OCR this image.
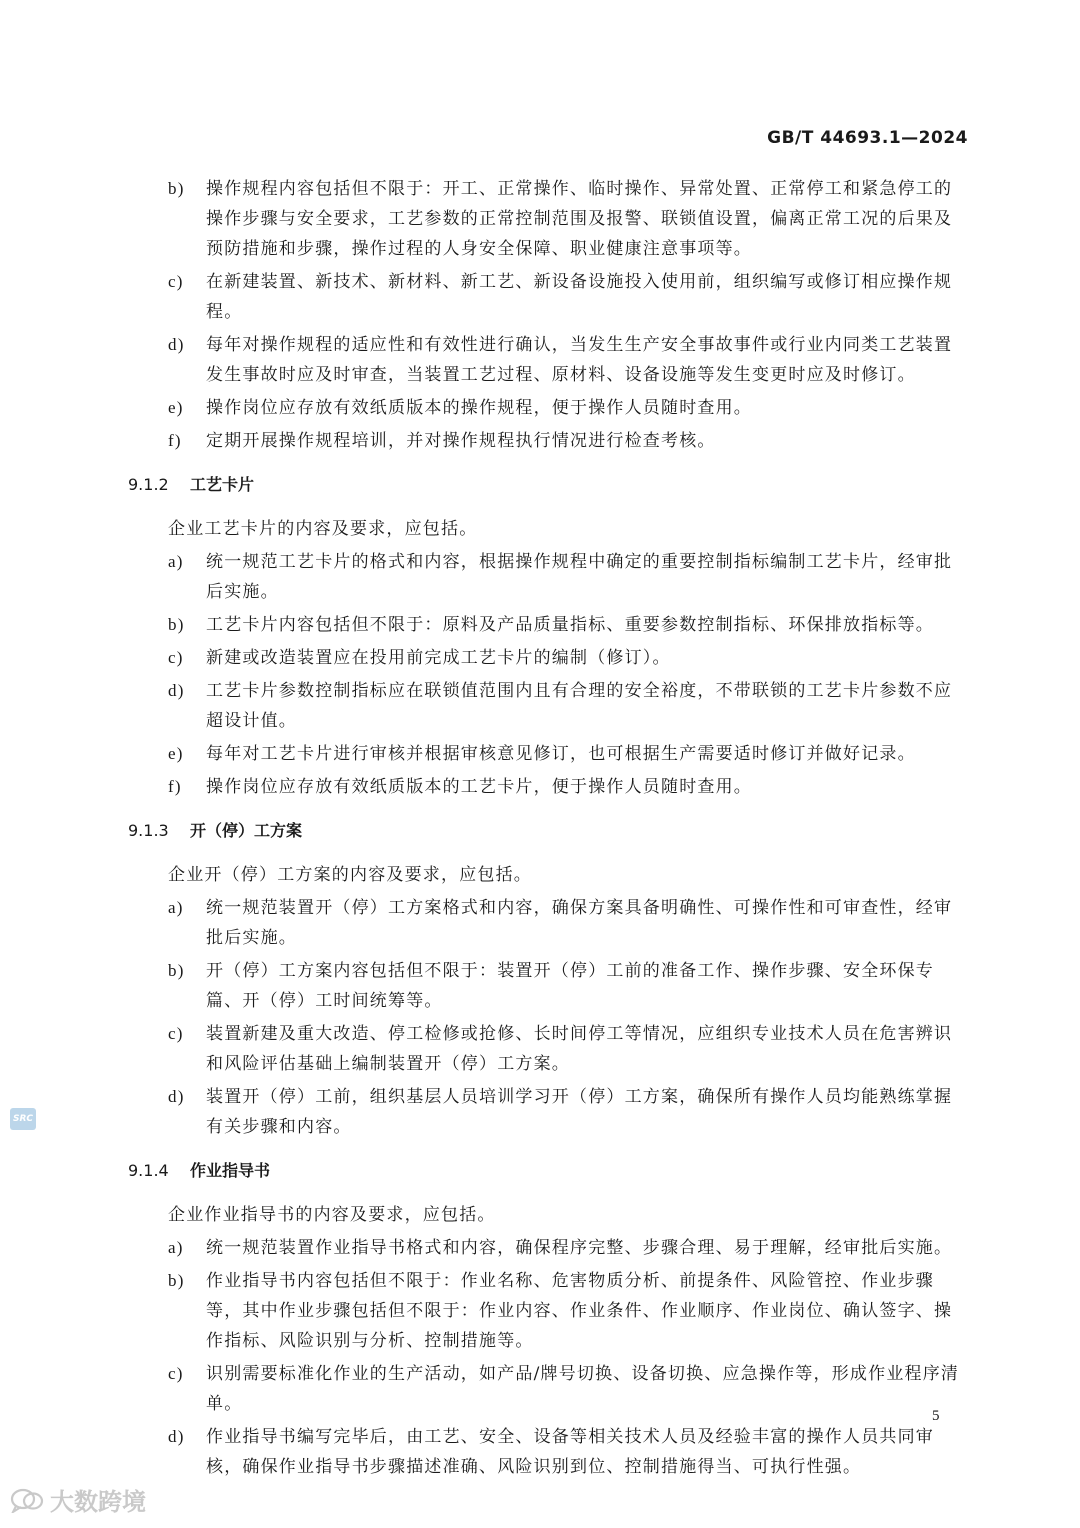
GB/T 44693.1—2024
b) 操作规程内容包括但不限于：开工、正常操作、临时操作、异常处置、正常停工和紧急停工的操作步骤与安全要求，工艺参数的正常控制范围及报警、联锁值设置，偏离正常工况的后果及预防措施和步骤，操作过程的人身安全保障、职业健康注意事项等。
c) 在新建装置、新技术、新材料、新工艺、新设备设施投入使用前，组织编写或修订相应操作规程。
d) 每年对操作规程的适应性和有效性进行确认，当发生生产安全事故事件或行业内同类工艺装置发生事故时应及时审查，当装置工艺过程、原材料、设备设施等发生变更时应及时修订。
e) 操作岗位应存放有效纸质版本的操作规程，便于操作人员随时查用。
f) 定期开展操作规程培训，并对操作规程执行情况进行检查考核。
9.1.2 工艺卡片
企业工艺卡片的内容及要求，应包括。
a) 统一规范工艺卡片的格式和内容，根据操作规程中确定的重要控制指标编制工艺卡片，经审批后实施。
b) 工艺卡片内容包括但不限于：原料及产品质量指标、重要参数控制指标、环保排放指标等。
c) 新建或改造装置应在投用前完成工艺卡片的编制（修订）。
d) 工艺卡片参数控制指标应在联锁值范围内且有合理的安全裕度，不带联锁的工艺卡片参数不应超设计值。
e) 每年对工艺卡片进行审核并根据审核意见修订，也可根据生产需要适时修订并做好记录。
f) 操作岗位应存放有效纸质版本的工艺卡片，便于操作人员随时查用。
9.1.3 开（停）工方案
企业开（停）工方案的内容及要求，应包括。
a) 统一规范装置开（停）工方案格式和内容，确保方案具备明确性、可操作性和可审查性，经审批后实施。
b) 开（停）工方案内容包括但不限于：装置开（停）工前的准备工作、操作步骤、安全环保专篇、开（停）工时间统筹等。
c) 装置新建及重大改造、停工检修或抢修、长时间停工等情况，应组织专业技术人员在危害辨识和风险评估基础上编制装置开（停）工方案。
d) 装置开（停）工前，组织基层人员培训学习开（停）工方案，确保所有操作人员均能熟练掌握有关步骤和内容。
9.1.4 作业指导书
企业作业指导书的内容及要求，应包括。
a) 统一规范装置作业指导书格式和内容，确保程序完整、步骤合理、易于理解，经审批后实施。
b) 作业指导书内容包括但不限于：作业名称、危害物质分析、前提条件、风险管控、作业步骤等，其中作业步骤包括但不限于：作业内容、作业条件、作业顺序、作业岗位、确认签字、操作指标、风险识别与分析、控制措施等。
c) 识别需要标准化作业的生产活动，如产品/牌号切换、设备切换、应急操作等，形成作业程序清单。
d) 作业指导书编写完毕后，由工艺、安全、设备等相关技术人员及经验丰富的操作人员共同审核，确保作业指导书步骤描述准确、风险识别到位、控制措施得当、可执行性强。
5
SRC
大数跨境
